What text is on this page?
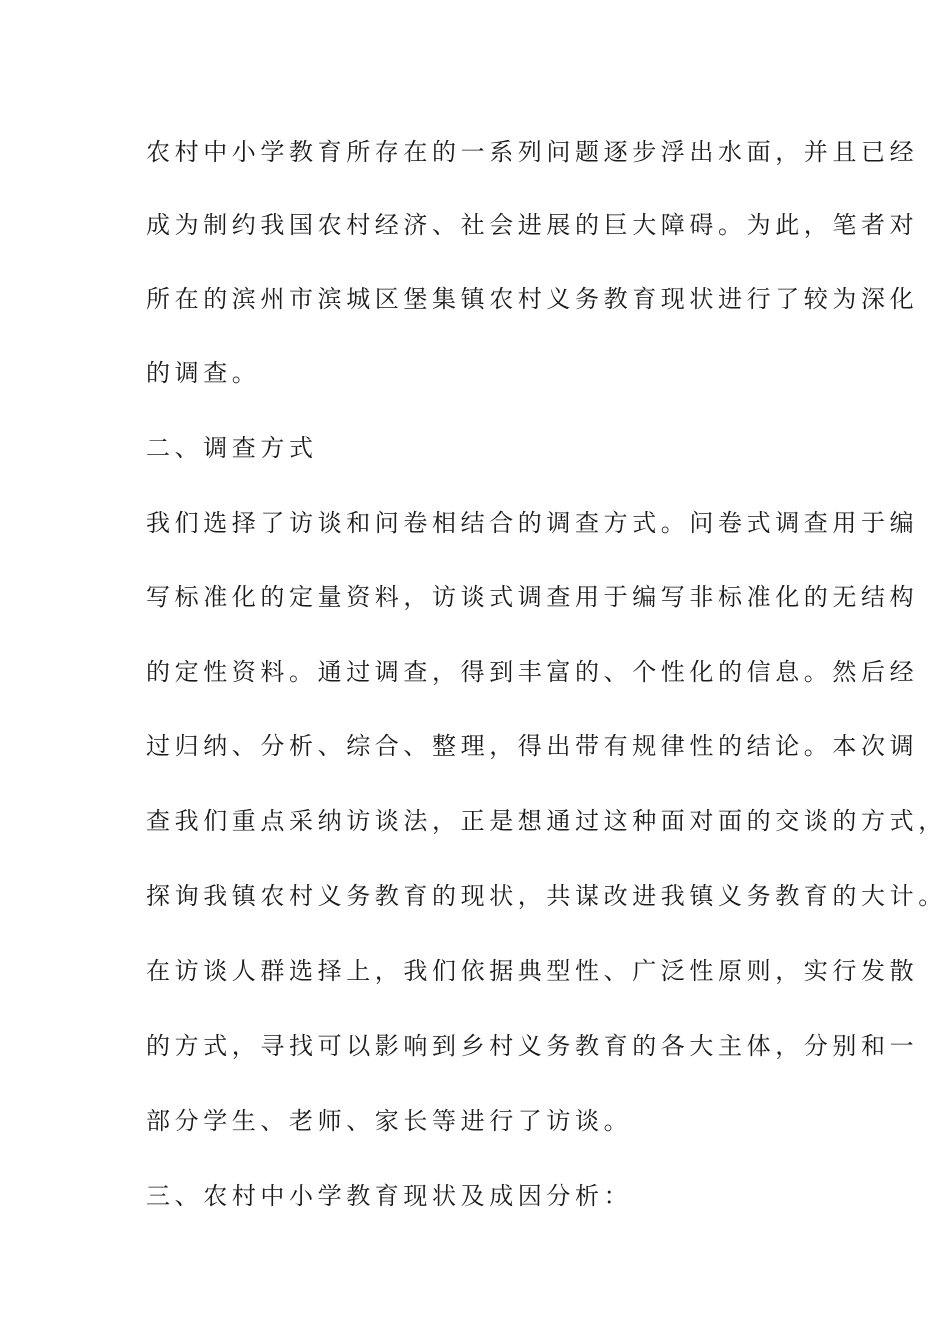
农村中小学教育所存在的一系列问题逐步浮出水面，并且已经
成为制约我国农村经济、社会进展的巨大障碍。为此，笔者对
所在的滨州市滨城区堡集镇农村义务教育现状进行了较为深化
的调查。
二、调查方式
我们选择了访谈和问卷相结合的调查方式。问卷式调查用于编
写标准化的定量资料，访谈式调查用于编写非标准化的无结构
的定性资料。通过调查，得到丰富的、个性化的信息。然后经
过归纳、分析、综合、整理，得出带有规律性的结论。本次调
查我们重点采纳访谈法，正是想通过这种面对面的交谈的方式，
探询我镇农村义务教育的现状，共谋改进我镇义务教育的大计。
在访谈人群选择上，我们依据典型性、广泛性原则，实行发散
的方式，寻找可以影响到乡村义务教育的各大主体，分别和一
部分学生、老师、家长等进行了访谈。
三、农村中小学教育现状及成因分析：
